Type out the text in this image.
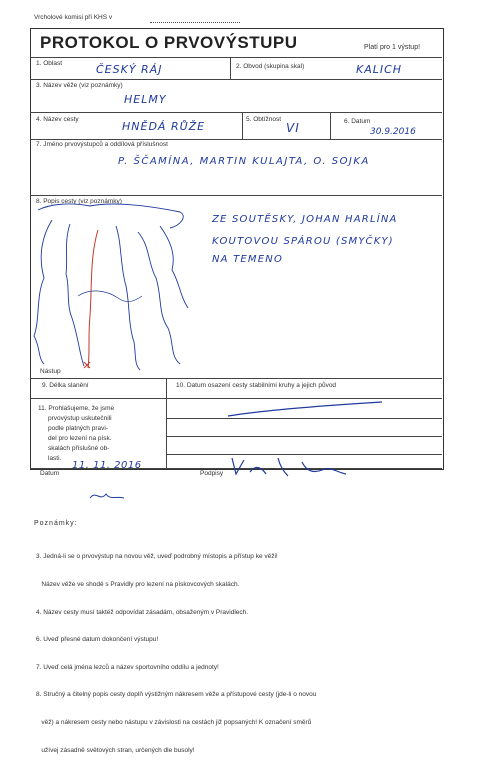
Vrcholové komisi při KHS v
PROTOKOL O PRVOVÝSTUPU	Platí pro 1 výstup!
1. Oblast	ČESKÝ RÁJ	2. Obvod (skupina skal)	KALICH
3. Název věže (viz poznámky)
HELMY
4. Název cesty
HNĚDÁ RŮŽE
5. Obtížnost
VI	6. Datum
30.9.2016
7. Jméno prvovýstupců a oddílová příslušnost
P. ŠČAMÍNA, MARTIN KULAJTA, O. SOJKA
8. Popis cesty (viz poznámky)
Nástup
ZE SOUTĚSKY, JOHAN HARLÍNA
KOUTOVOU SPÁROU (SMYČKY)
NA TEMENO
9. Délka slanění	10. Datum osazení cesty stabilními kruhy a jejich původ
11. Prohlašujeme, že jsme
prvovýstup uskutečnili
podle platných pravi-
del pro lezení na písk.
skalách příslušné ob-
lasti.
Datum
11. 11. 2016
Podpisy
Poznámky:

3. Jedná-li se o prvovýstup na novou věž, uveď podrobný místopis a přístup ke věži!

Název věže ve shodě s Pravidly pro lezení na pískovcových skalách.

4. Název cesty musí taktéž odpovídat zásadám, obsaženým v Pravidlech.

6. Uveď přesné datum dokončení výstupu!

7. Uveď celá jména lezců a název sportovního oddílu a jednoty!

8. Stručný a čitelný popis cesty doplň výstižným nákresem věže a přístupové cesty (jde-li o novou

věž) a nákresem cesty nebo nástupu v závislosti na cestách již popsaných! K označení směrů

užívej zásadně světových stran, určených dle busoly!
